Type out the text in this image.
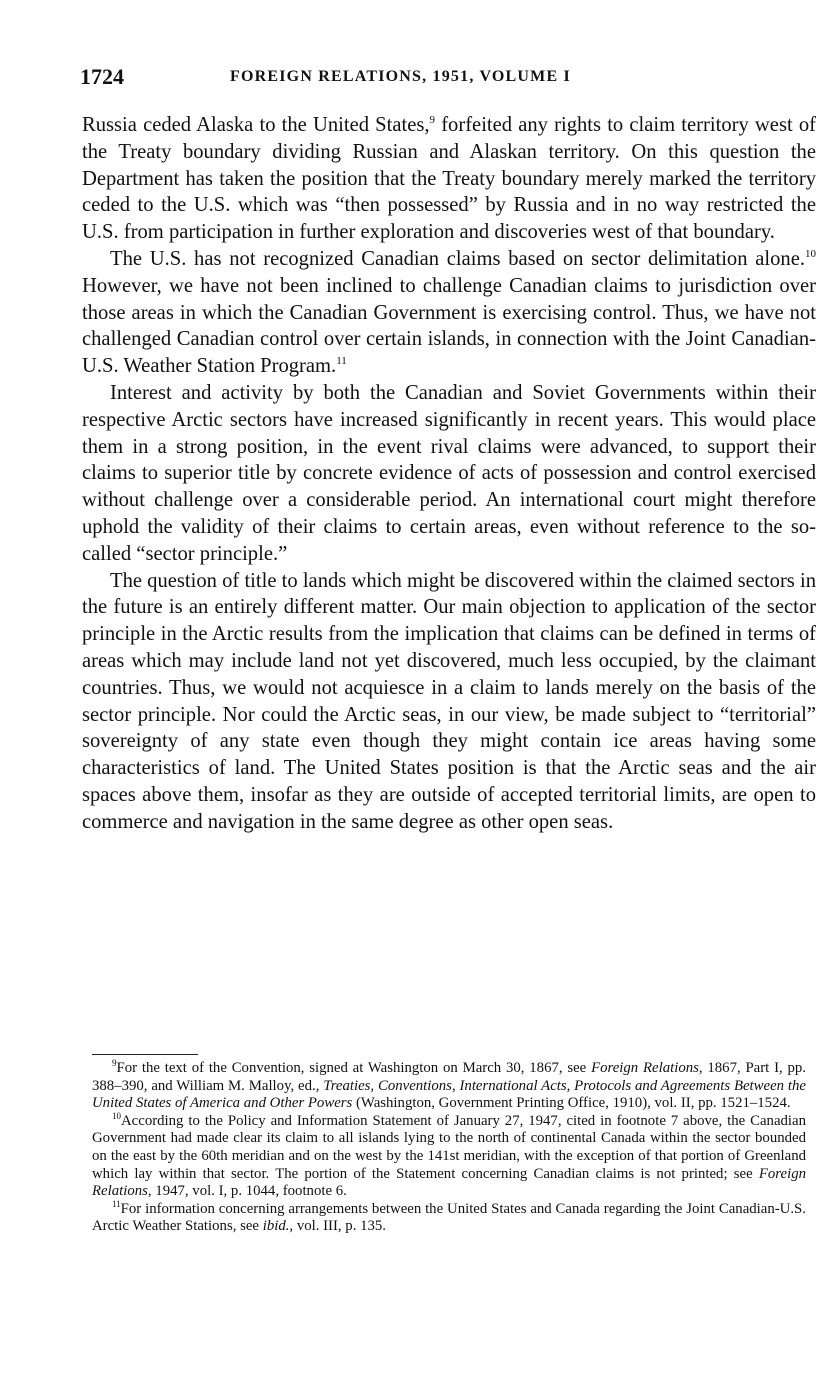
1724	FOREIGN RELATIONS, 1951, VOLUME I

Russia ceded Alaska to the United States,$^9$ forfeited any rights to claim territory west of the Treaty boundary dividing Russian and Alaskan territory. On this question the Department has taken the position that the Treaty boundary merely marked the territory ceded to the U.S. which was “then possessed” by Russia and in no way restricted the U.S. from participation in further exploration and discoveries west of that boundary.

The U.S. has not recognized Canadian claims based on sector delimitation alone.$^{10}$ However, we have not been inclined to challenge Canadian claims to jurisdiction over those areas in which the Canadian Government is exercising control. Thus, we have not challenged Canadian control over certain islands, in connection with the Joint Canadian-U.S. Weather Station Program.$^{11}$

Interest and activity by both the Canadian and Soviet Governments within their respective Arctic sectors have increased significantly in recent years. This would place them in a strong position, in the event rival claims were advanced, to support their claims to superior title by concrete evidence of acts of possession and control exercised without challenge over a considerable period. An international court might therefore uphold the validity of their claims to certain areas, even without reference to the so-called “sector principle.”

The question of title to lands which might be discovered within the claimed sectors in the future is an entirely different matter. Our main objection to application of the sector principle in the Arctic results from the implication that claims can be defined in terms of areas which may include land not yet discovered, much less occupied, by the claimant countries. Thus, we would not acquiesce in a claim to lands merely on the basis of the sector principle. Nor could the Arctic seas, in our view, be made subject to “territorial” sovereignty of any state even though they might contain ice areas having some characteristics of land. The United States position is that the Arctic seas and the air spaces above them, insofar as they are outside of accepted territorial limits, are open to commerce and navigation in the same degree as other open seas.

$^9$For the text of the Convention, signed at Washington on March 30, 1867, see Foreign Relations, 1867, Part I, pp. 388–390, and William M. Malloy, ed., Treaties, Conventions, International Acts, Protocols and Agreements Between the United States of America and Other Powers (Washington, Government Printing Office, 1910), vol. II, pp. 1521–1524.

$^{10}$According to the Policy and Information Statement of January 27, 1947, cited in footnote 7 above, the Canadian Government had made clear its claim to all islands lying to the north of continental Canada within the sector bounded on the east by the 60th meridian and on the west by the 141st meridian, with the exception of that portion of Greenland which lay within that sector. The portion of the Statement concerning Canadian claims is not printed; see Foreign Relations, 1947, vol. I, p. 1044, footnote 6.

$^{11}$For information concerning arrangements between the United States and Canada regarding the Joint Canadian-U.S. Arctic Weather Stations, see ibid., vol. III, p. 135.
